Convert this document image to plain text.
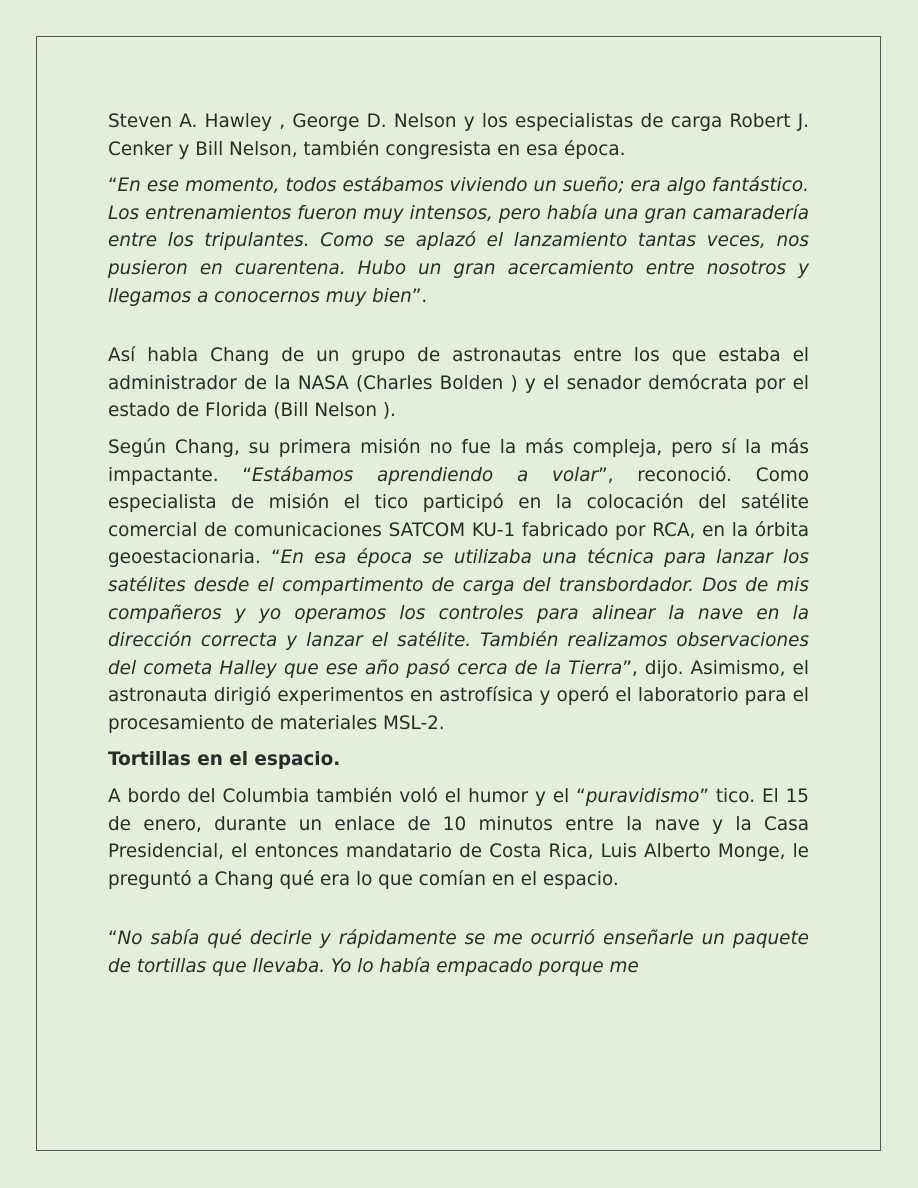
Steven A. Hawley , George D. Nelson y los especialistas de carga Robert J. Cenker y Bill Nelson, también congresista en esa época.

“En ese momento, todos estábamos viviendo un sueño; era algo fantástico. Los entrenamientos fueron muy intensos, pero había una gran camaradería entre los tripulantes. Como se aplazó el lanzamiento tantas veces, nos pusieron en cuarentena. Hubo un gran acercamiento entre nosotros y llegamos a conocernos muy bien”.

Así habla Chang de un grupo de astronautas entre los que estaba el administrador de la NASA (Charles Bolden ) y el senador demócrata por el estado de Florida (Bill Nelson ).

Según Chang, su primera misión no fue la más compleja, pero sí la más impactante. “Estábamos aprendiendo a volar”, reconoció. Como especialista de misión el tico participó en la colocación del satélite comercial de comunicaciones SATCOM KU-1 fabricado por RCA, en la órbita geoestacionaria. “En esa época se utilizaba una técnica para lanzar los satélites desde el compartimento de carga del transbordador. Dos de mis compañeros y yo operamos los controles para alinear la nave en la dirección correcta y lanzar el satélite. También realizamos observaciones del cometa Halley que ese año pasó cerca de la Tierra”, dijo. Asimismo, el astronauta dirigió experimentos en astrofísica y operó el laboratorio para el procesamiento de materiales MSL-2.

Tortillas en el espacio.

A bordo del Columbia también voló el humor y el “puravidismo” tico. El 15 de enero, durante un enlace de 10 minutos entre la nave y la Casa Presidencial, el entonces mandatario de Costa Rica, Luis Alberto Monge, le preguntó a Chang qué era lo que comían en el espacio.

“No sabía qué decirle y rápidamente se me ocurrió enseñarle un paquete de tortillas que llevaba. Yo lo había empacado porque me
